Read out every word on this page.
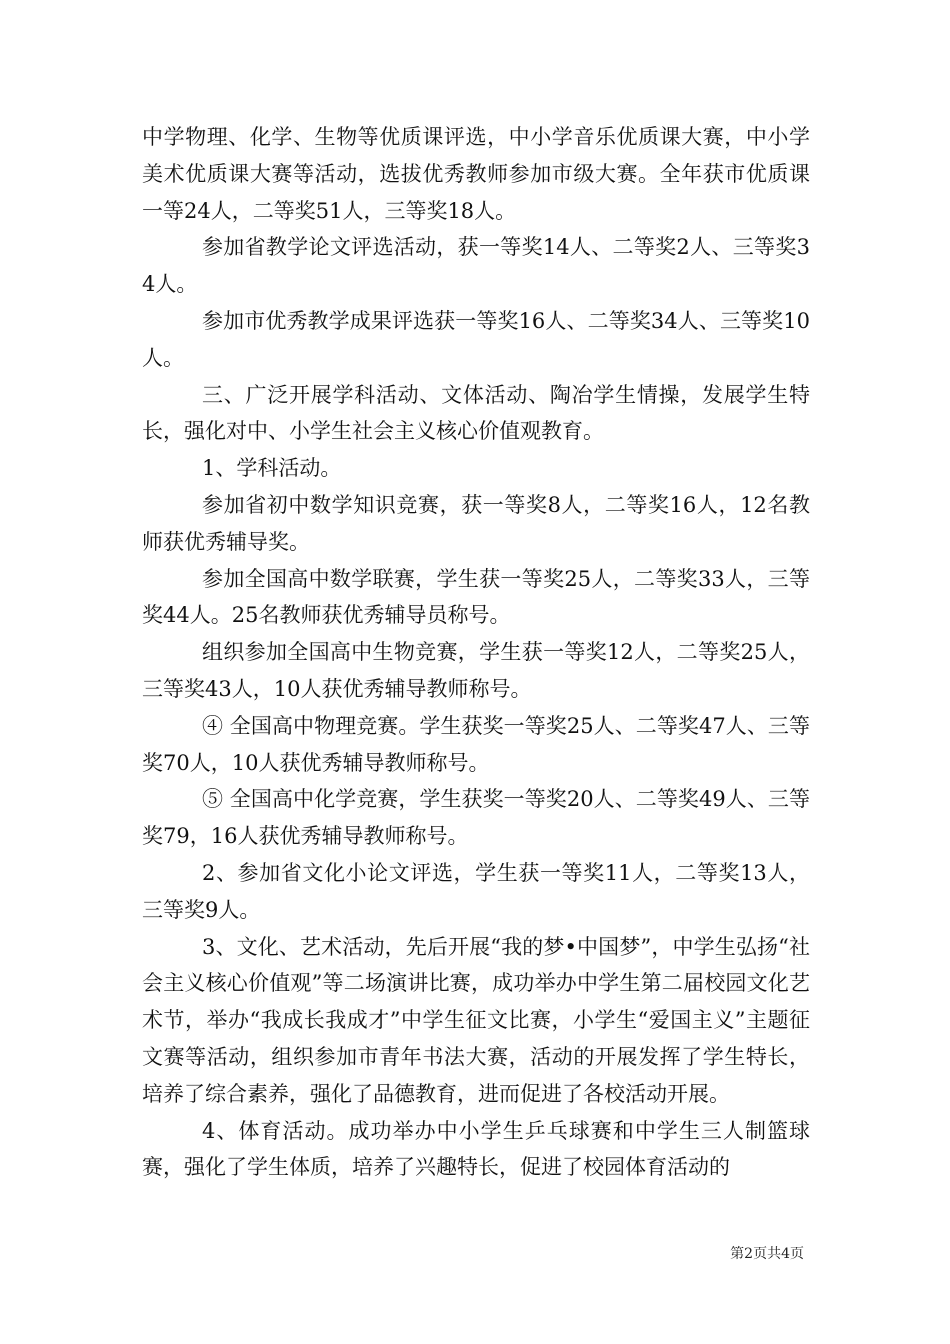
中学物理、化学、生物等优质课评选，中小学音乐优质课大赛，中小学美术优质课大赛等活动，选拔优秀教师参加市级大赛。全年获市优质课一等24人，二等奖51人，三等奖18人。

参加省教学论文评选活动，获一等奖14人、二等奖2人、三等奖34人。

参加市优秀教学成果评选获一等奖16人、二等奖34人、三等奖10人。

三、广泛开展学科活动、文体活动、陶冶学生情操，发展学生特长，强化对中、小学生社会主义核心价值观教育。

1、学科活动。

参加省初中数学知识竞赛，获一等奖8人，二等奖16人，12名教师获优秀辅导奖。

参加全国高中数学联赛，学生获一等奖25人，二等奖33人，三等奖44人。25名教师获优秀辅导员称号。

组织参加全国高中生物竞赛，学生获一等奖12人，二等奖25人，三等奖43人，10人获优秀辅导教师称号。

④ 全国高中物理竞赛。学生获奖一等奖25人、二等奖47人、三等奖70人，10人获优秀辅导教师称号。

⑤ 全国高中化学竞赛，学生获奖一等奖20人、二等奖49人、三等奖79，16人获优秀辅导教师称号。

2、参加省文化小论文评选，学生获一等奖11人，二等奖13人，三等奖9人。

3、文化、艺术活动，先后开展“我的梦•中国梦”，中学生弘扬“社会主义核心价值观”等二场演讲比赛，成功举办中学生第二届校园文化艺术节，举办“我成长我成才”中学生征文比赛，小学生“爱国主义”主题征文赛等活动，组织参加市青年书法大赛，活动的开展发挥了学生特长，培养了综合素养，强化了品德教育，进而促进了各校活动开展。

4、体育活动。成功举办中小学生乒乓球赛和中学生三人制篮球赛，强化了学生体质，培养了兴趣特长，促进了校园体育活动的

第2页共4页
